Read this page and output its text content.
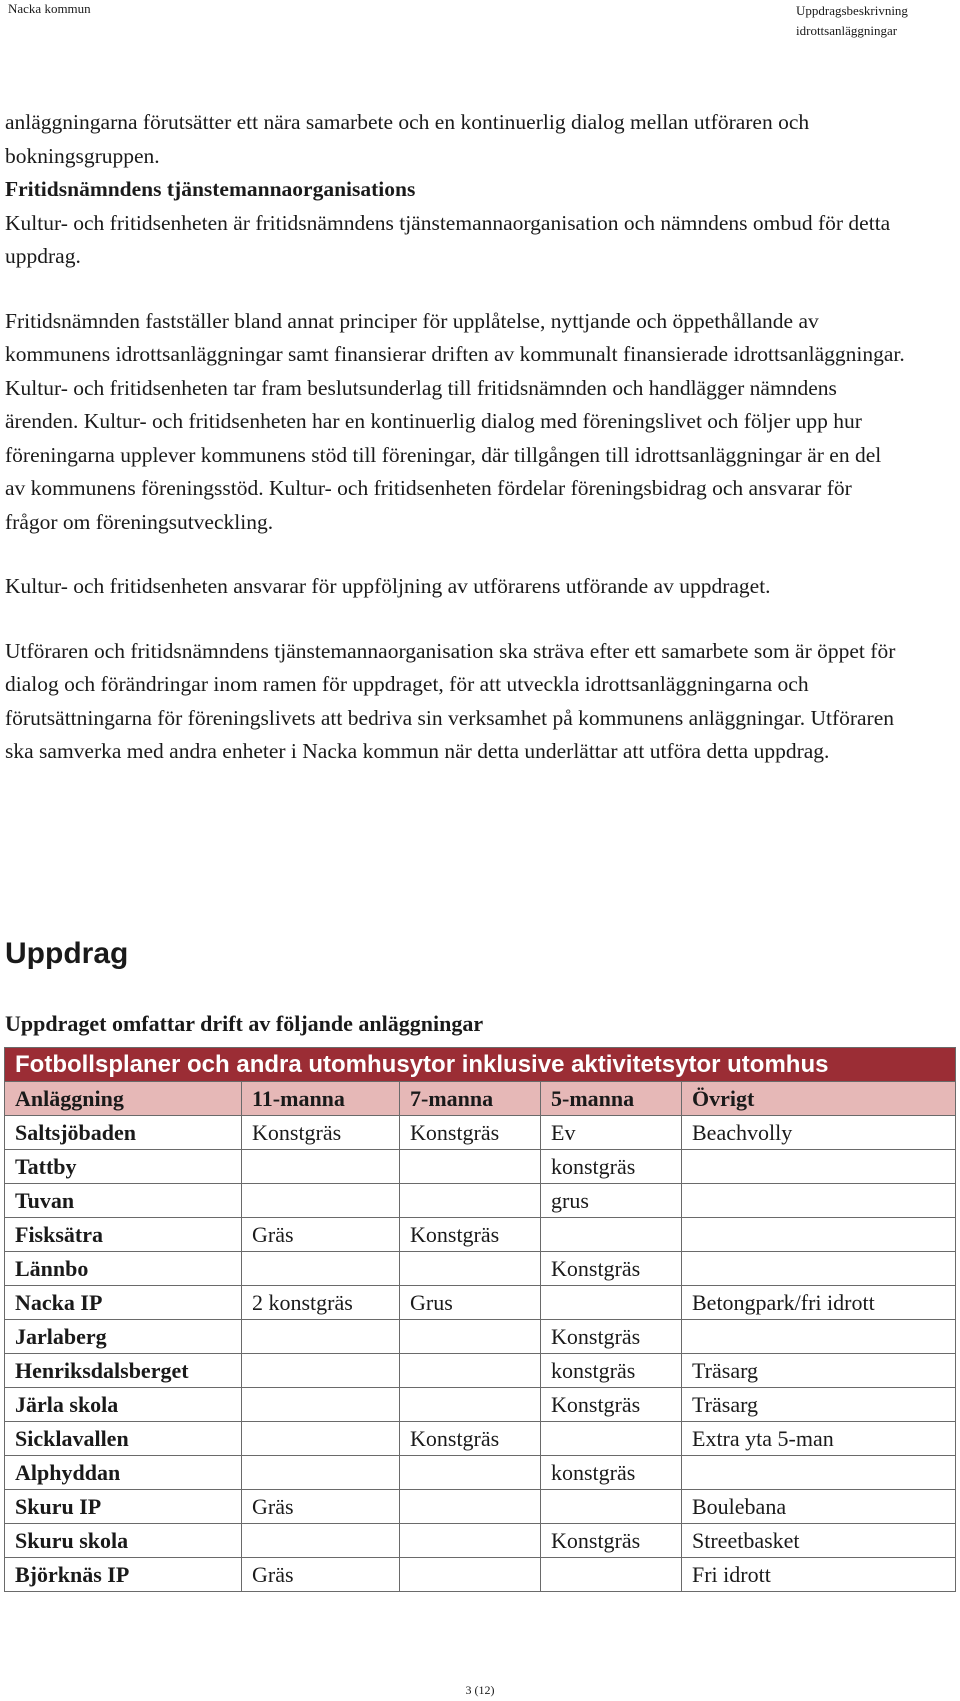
Nacka kommun	Uppdragsbeskrivning
idrottsanläggningar

anläggningarna förutsätter ett nära samarbete och en kontinuerlig dialog mellan utföraren och bokningsgruppen.

Fritidsnämndens tjänstemannaorganisations

Kultur- och fritidsenheten är fritidsnämndens tjänstemannaorganisation och nämndens ombud för detta uppdrag.

Fritidsnämnden fastställer bland annat principer för upplåtelse, nyttjande och öppethållande av kommunens idrottsanläggningar samt finansierar driften av kommunalt finansierade idrottsanläggningar. Kultur- och fritidsenheten tar fram beslutsunderlag till fritidsnämnden och handlägger nämndens ärenden. Kultur- och fritidsenheten har en kontinuerlig dialog med föreningslivet och följer upp hur föreningarna upplever kommunens stöd till föreningar, där tillgången till idrottsanläggningar är en del av kommunens föreningsstöd. Kultur- och fritidsenheten fördelar föreningsbidrag och ansvarar för frågor om föreningsutveckling.

Kultur- och fritidsenheten ansvarar för uppföljning av utförarens utförande av uppdraget.

Utföraren och fritidsnämndens tjänstemannaorganisation ska sträva efter ett samarbete som är öppet för dialog och förändringar inom ramen för uppdraget, för att utveckla idrottsanläggningarna och förutsättningarna för föreningslivets att bedriva sin verksamhet på kommunens anläggningar. Utföraren ska samverka med andra enheter i Nacka kommun när detta underlättar att utföra detta uppdrag.

Uppdrag
Uppdraget omfattar drift av följande anläggningar
Fotbollsplaner och andra utomhusytor inklusive aktivitetsytor utomhus				
Anläggning	11-manna	7-manna	5-manna	Övrigt
Saltsjöbaden	Konstgräs	Konstgräs	Ev	Beachvolly
Tattby			konstgräs	
Tuvan			grus	
Fisksätra	Gräs	Konstgräs		
Lännbo			Konstgräs	
Nacka IP	2 konstgräs	Grus		Betongpark/fri idrott
Jarlaberg			Konstgräs	
Henriksdalsberget			konstgräs	Träsarg
Järla skola			Konstgräs	Träsarg
Sicklavallen		Konstgräs		Extra yta 5-man
Alphyddan			konstgräs	
Skuru IP	Gräs			Boulebana
Skuru skola			Konstgräs	Streetbasket
Björknäs IP	Gräs			Fri idrott
3 (12)
